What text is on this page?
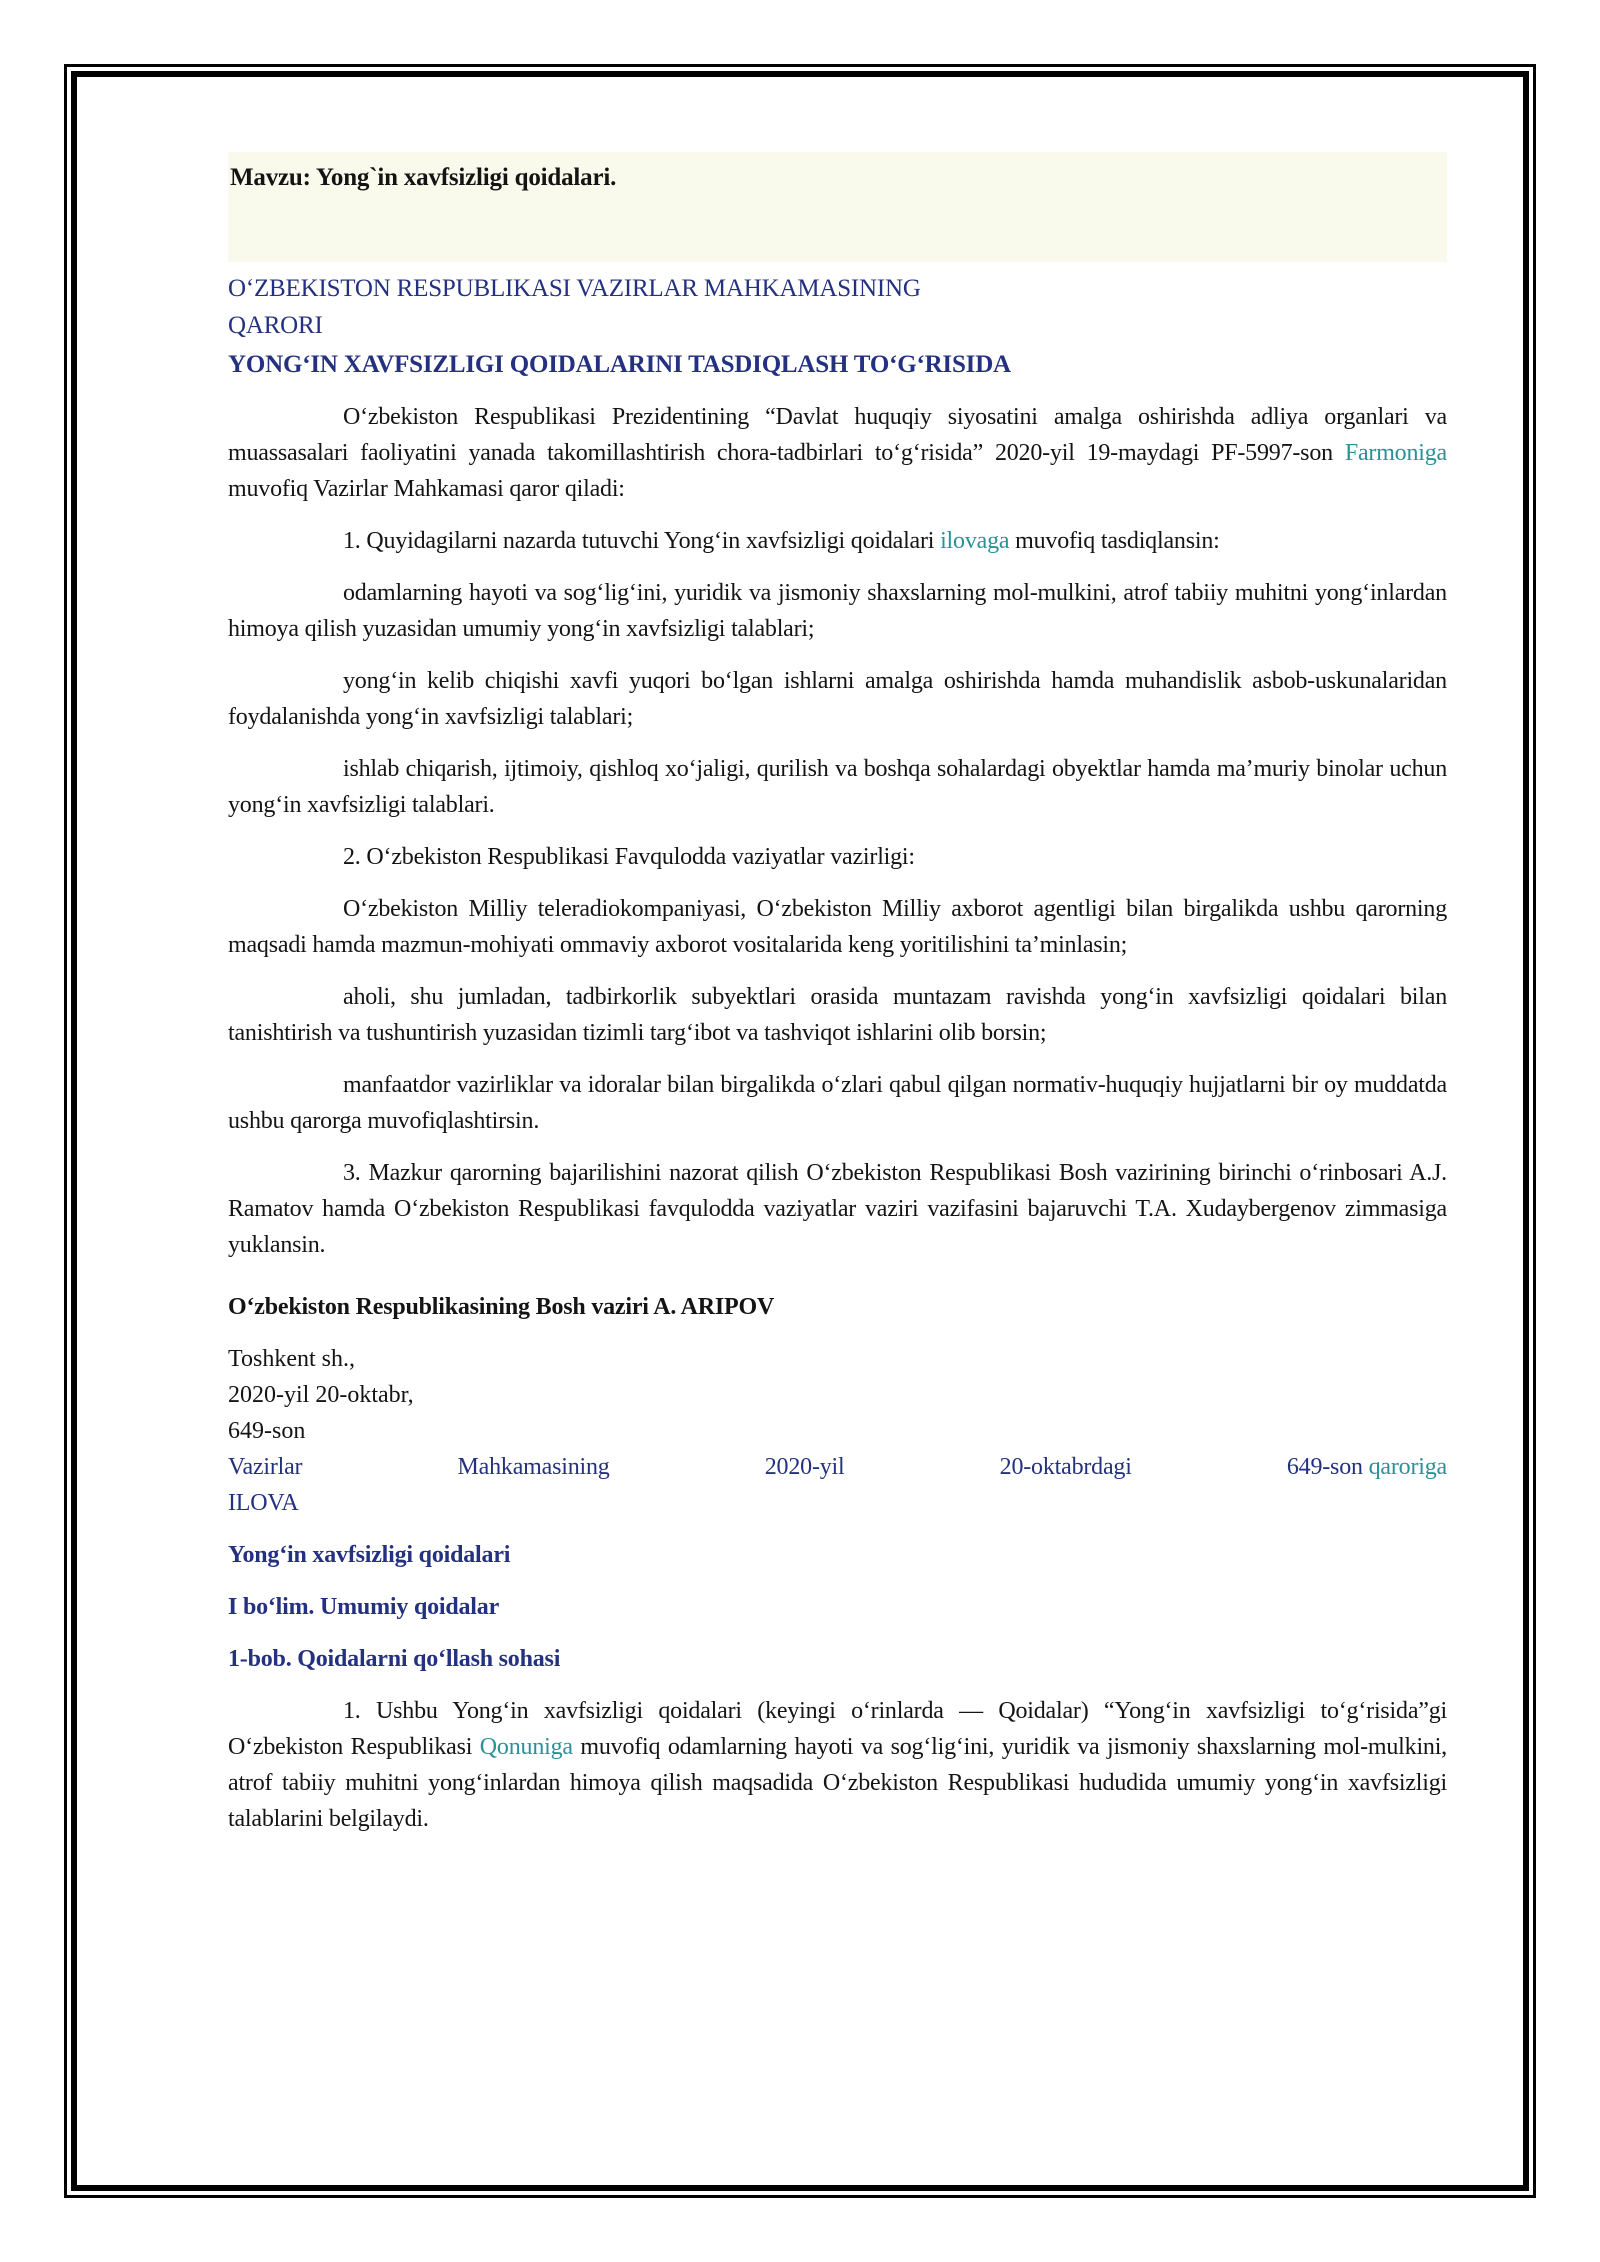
Mavzu: Yong`in xavfsizligi qoidalari.
O‘ZBEKISTON RESPUBLIKASI VAZIRLAR MAHKAMASINING
QARORI
YONG‘IN XAVFSIZLIGI QOIDALARINI TASDIQLASH TO‘G‘RISIDA

O‘zbekiston Respublikasi Prezidentining “Davlat huquqiy siyosatini amalga oshirishda adliya organlari va muassasalari faoliyatini yanada takomillashtirish chora-tadbirlari to‘g‘risida” 2020-yil 19-maydagi PF-5997-son Farmoniga muvofiq Vazirlar Mahkamasi qaror qiladi:

1. Quyidagilarni nazarda tutuvchi Yong‘in xavfsizligi qoidalari ilovaga muvofiq tasdiqlansin:

odamlarning hayoti va sog‘lig‘ini, yuridik va jismoniy shaxslarning mol-mulkini, atrof tabiiy muhitni yong‘inlardan himoya qilish yuzasidan umumiy yong‘in xavfsizligi talablari;

yong‘in kelib chiqishi xavfi yuqori bo‘lgan ishlarni amalga oshirishda hamda muhandislik asbob-uskunalaridan foydalanishda yong‘in xavfsizligi talablari;

ishlab chiqarish, ijtimoiy, qishloq xo‘jaligi, qurilish va boshqa sohalardagi obyektlar hamda ma’muriy binolar uchun yong‘in xavfsizligi talablari.

2. O‘zbekiston Respublikasi Favqulodda vaziyatlar vazirligi:

O‘zbekiston Milliy teleradiokompaniyasi, O‘zbekiston Milliy axborot agentligi bilan birgalikda ushbu qarorning maqsadi hamda mazmun-mohiyati ommaviy axborot vositalarida keng yoritilishini ta’minlasin;

aholi, shu jumladan, tadbirkorlik subyektlari orasida muntazam ravishda yong‘in xavfsizligi qoidalari bilan tanishtirish va tushuntirish yuzasidan tizimli targ‘ibot va tashviqot ishlarini olib borsin;

manfaatdor vazirliklar va idoralar bilan birgalikda o‘zlari qabul qilgan normativ-huquqiy hujjatlarni bir oy muddatda ushbu qarorga muvofiqlashtirsin.

3. Mazkur qarorning bajarilishini nazorat qilish O‘zbekiston Respublikasi Bosh vazirining birinchi o‘rinbosari A.J. Ramatov hamda O‘zbekiston Respublikasi favqulodda vaziyatlar vaziri vazifasini bajaruvchi T.A. Xudaybergenov zimmasiga yuklansin.

O‘zbekiston Respublikasining Bosh vaziri A. ARIPOV
Toshkent sh.,
2020-yil 20-oktabr,
649-son
Vazirlar	Mahkamasining	2020-yil	20-oktabrdagi	649-son qaroriga
ILOVA
Yong‘in xavfsizligi qoidalari
I bo‘lim. Umumiy qoidalar
1-bob. Qoidalarni qo‘llash sohasi

1. Ushbu Yong‘in xavfsizligi qoidalari (keyingi o‘rinlarda — Qoidalar) “Yong‘in xavfsizligi to‘g‘risida”gi O‘zbekiston Respublikasi Qonuniga muvofiq odamlarning hayoti va sog‘lig‘ini, yuridik va jismoniy shaxslarning mol-mulkini, atrof tabiiy muhitni yong‘inlardan himoya qilish maqsadida O‘zbekiston Respublikasi hududida umumiy yong‘in xavfsizligi talablarini belgilaydi.
